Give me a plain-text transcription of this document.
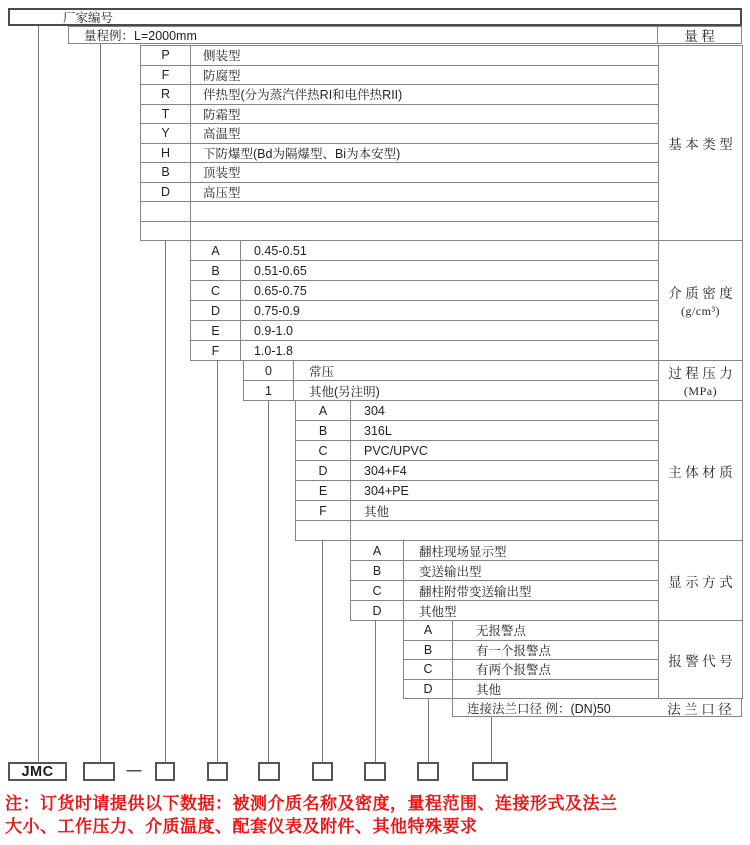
厂家编号
量程例：L=2000mm	量程
连接法兰口径 例：(DN)50	法兰口径
JMC	—
注：订货时请提供以下数据：被测介质名称及密度，量程范围、连接形式及法兰
大小、工作压力、介质温度、配套仪表及附件、其他特殊要求
P	侧装型	基本类型

F	防腐型	
R	伴热型(分为蒸汽伴热RI和电伴热RII)	
T	防霜型	
Y	高温型	
H	下防爆型(Bd为隔爆型、Bi为本安型)	
B	顶装型	
D	高压型	

A	0.45-0.51	介质密度
(g/cm³)

B	0.51-0.65	
C	0.65-0.75	
D	0.75-0.9	
E	0.9-1.0	
F	1.0-1.8	
0	常压	过程压力
(MPa)

1	其他(另注明)	
A	304	主体材质

B	316L	
C	PVC/UPVC	
D	304+F4	
E	304+PE	
F	其他	

A	翻柱现场显示型	显示方式

B	变送输出型	
C	翻柱附带变送输出型	
D	其他型	
A	无报警点	报警代号

B	有一个报警点	
C	有两个报警点	
D	其他	
